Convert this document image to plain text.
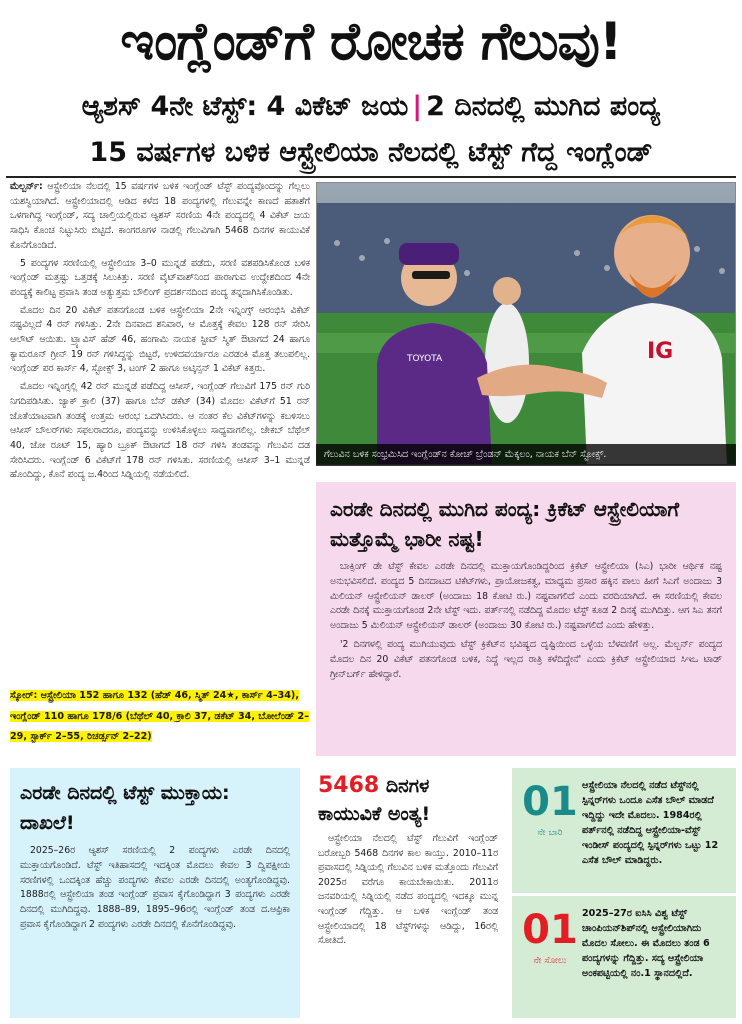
ಇಂಗ್ಲೆಂಡ್‌ಗೆ ರೋಚಕ ಗೆಲುವು!
ಆ್ಯಶಸ್ 4ನೇ ಟೆಸ್ಟ್: 4 ವಿಕೆಟ್ ಜಯ | 2 ದಿನದಲ್ಲಿ ಮುಗಿದ ಪಂದ್ಯ
15 ವರ್ಷಗಳ ಬಳಿಕ ಆಸ್ಟ್ರೇಲಿಯಾ ನೆಲದಲ್ಲಿ ಟೆಸ್ಟ್ ಗೆದ್ದ ಇಂಗ್ಲೆಂಡ್

ಮೆಲ್ಬರ್ನ್: ಆಸ್ಟ್ರೇಲಿಯಾ ನೆಲದಲ್ಲಿ 15 ವರ್ಷಗಳ ಬಳಿಕ ಇಂಗ್ಲೆಂಡ್ ಟೆಸ್ಟ್ ಪಂದ್ಯವೊಂದನ್ನು ಗೆಲ್ಲಲು ಯಶಸ್ವಿಯಾಗಿದೆ. ಆಸ್ಟ್ರೇಲಿಯಾದಲ್ಲಿ ಆಡಿದ ಕಳೆದ 18 ಪಂದ್ಯಗಳಲ್ಲಿ ಗೆಲುವನ್ನೇ ಕಾಣದೆ ಹತಾಶೆಗೆ ಒಳಗಾಗಿದ್ದ ಇಂಗ್ಲೆಂಡ್, ಸದ್ಯ ಚಾಲ್ತಿಯಲ್ಲಿರುವ ಆ್ಯಶಸ್ ಸರಣಿಯ 4ನೇ ಪಂದ್ಯದಲ್ಲಿ 4 ವಿಕೆಟ್ ಜಯ ಸಾಧಿಸಿ ಕೊಂಚ ನಿಟ್ಟುಸಿರು ಬಿಟ್ಟಿದೆ. ಕಾಂಗರೂಗಳ ನಾಡಲ್ಲಿ ಗೆಲುವಿಗಾಗಿ 5468 ದಿನಗಳ ಕಾಯುವಿಕೆ ಕೊನೆಗೊಂಡಿದೆ.

5 ಪಂದ್ಯಗಳ ಸರಣಿಯಲ್ಲಿ ಆಸ್ಟ್ರೇಲಿಯಾ 3–0 ಮುನ್ನಡೆ ಪಡೆದು, ಸರಣಿ ವಶಪಡಿಸಿಕೊಂಡ ಬಳಿಕ ಇಂಗ್ಲೆಂಡ್ ಮತ್ತಷ್ಟು ಒತ್ತಡಕ್ಕೆ ಸಿಲುಕಿತ್ತು. ಸರಣಿ ವೈಟ್‌ವಾಶ್‌ನಿಂದ ಪಾರಾಗುವ ಉದ್ದೇಶದಿಂದ 4ನೇ ಪಂದ್ಯಕ್ಕೆ ಕಾಲಿಟ್ಟ ಪ್ರವಾಸಿ ತಂಡ ಅತ್ಯುತ್ತಮ ಬೌಲಿಂಗ್ ಪ್ರದರ್ಶನದಿಂದ ಪಂದ್ಯ ತನ್ನದಾಗಿಸಿಕೊಂಡಿತು.

ಮೊದಲ ದಿನ 20 ವಿಕೆಟ್ ಪತನಗೊಂಡ ಬಳಿಕ ಆಸ್ಟ್ರೇಲಿಯಾ 2ನೇ ಇನ್ನಿಂಗ್ಸ್ ಆರಂಭಿಸಿ ವಿಕೆಟ್ ನಷ್ಟವಿಲ್ಲದೆ 4 ರನ್ ಗಳಿಸಿತ್ತು. 2ನೇ ದಿನವಾದ ಶನಿವಾರ, ಆ ಮೊತ್ತಕ್ಕೆ ಕೇವಲ 128 ರನ್ ಸೇರಿಸಿ ಆಲೌಟ್ ಆಯಿತು. ಟ್ರ್ಯಾವಿಸ್ ಹೆಡ್ 46, ಹಂಗಾಮಿ ನಾಯಕ ಸ್ಟೀವ್ ಸ್ಮಿತ್ ಔಟಾಗದೆ 24 ಹಾಗೂ ಕ್ಯಾಮರೂನ್ ಗ್ರೀನ್ 19 ರನ್ ಗಳಿಸಿದ್ದನ್ನು ಬಿಟ್ಟರೆ, ಉಳಿದವರ್ಯಾರೂ ಎರಡಂಕಿ ಮೊತ್ತ ತಲುಪಲಿಲ್ಲ. ಇಂಗ್ಲೆಂಡ್ ಪರ ಕಾರ್ಸ್ 4, ಸ್ಟೋಕ್ಸ್ 3, ಟಂಗ್ 2 ಹಾಗೂ ಅಟ್ಕಿನ್ಸನ್ 1 ವಿಕೆಟ್ ಕಿತ್ತರು.

ಮೊದಲ ಇನ್ನಿಂಗ್ಸಲ್ಲಿ 42 ರನ್ ಮುನ್ನಡೆ ಪಡೆದಿದ್ದ ಆಸೀಸ್, ಇಂಗ್ಲೆಂಡ್ ಗೆಲುವಿಗೆ 175 ರನ್ ಗುರಿ ನಿಗದಿಪಡಿಸಿತು. ಜ್ಯಾಕ್ ಕ್ರಾಲಿ (37) ಹಾಗೂ ಬೆನ್ ಡಕೆಟ್ (34) ಮೊದಲ ವಿಕೆಟ್‌ಗೆ 51 ರನ್ ಜೊತೆಯಾಟವಾಗಿ ತಂಡಕ್ಕೆ ಉತ್ತಮ ಆರಂಭ ಒದಗಿಸಿದರು. ಆ ನಂತರ ಕೆಲ ವಿಕೆಟ್‌ಗಳನ್ನು ಕಬಳಿಸಲು ಆಸೀಸ್ ಬೌಲರ್‌ಗಳು ಸಫಲರಾದರೂ, ಪಂದ್ಯವನ್ನು ಉಳಿಸಿಕೊಳ್ಳಲು ಸಾಧ್ಯವಾಗಲಿಲ್ಲ. ಜೇಕಬ್ ಬೆಥೆಲ್ 40, ಜೋ ರೂಟ್ 15, ಹ್ಯಾರಿ ಬ್ರೂಕ್ ಔಟಾಗದೆ 18 ರನ್ ಗಳಿಸಿ ತಂಡವನ್ನು ಗೆಲುವಿನ ದಡ ಸೇರಿಸಿದರು. ಇಂಗ್ಲೆಂಡ್ 6 ವಿಕೆಟ್‌ಗೆ 178 ರನ್ ಗಳಿಸಿತು. ಸರಣಿಯಲ್ಲಿ ಆಸೀಸ್ 3–1 ಮುನ್ನಡೆ ಹೊಂದಿದ್ದು, ಕೊನೆ ಪಂದ್ಯ ಜ.4ರಿಂದ ಸಿಡ್ನಿಯಲ್ಲಿ ನಡೆಯಲಿದೆ.

ಸ್ಕೋರ್: ಆಸ್ಟ್ರೇಲಿಯಾ 152 ಹಾಗೂ 132 (ಹೆಡ್ 46, ಸ್ಮಿತ್ 24★, ಕಾರ್ಸ್ 4–34), ಇಂಗ್ಲೆಂಡ್ 110 ಹಾಗೂ 178/6 (ಬೆಥೆಲ್ 40, ಕ್ರಾಲಿ 37, ಡಕೆಟ್ 34, ಬೋಲೆಂಡ್ 2–29, ಸ್ಟಾರ್ಕ್ 2–55, ರಿಚರ್ಡ್ಸನ್ 2–22)
TOYOTA	IG
ಗೆಲುವಿನ ಬಳಿಕ ಸಂಭ್ರಮಿಸಿದ ಇಂಗ್ಲೆಂಡ್‌ನ ಕೋಚ್ ಬ್ರೆಂಡನ್ ಮೆಕ್ಕಲಂ, ನಾಯಕ ಬೆನ್ ಸ್ಟೋಕ್ಸ್.
ಎರಡೇ ದಿನದಲ್ಲಿ ಮುಗಿದ ಪಂದ್ಯ: ಕ್ರಿಕೆಟ್ ಆಸ್ಟ್ರೇಲಿಯಾಗೆ ಮತ್ತೊಮ್ಮೆ ಭಾರೀ ನಷ್ಟ!

ಬಾಕ್ಸಿಂಗ್ ಡೇ ಟೆಸ್ಟ್ ಕೇವಲ ಎರಡೇ ದಿನದಲ್ಲಿ ಮುಕ್ತಾಯಗೊಂಡಿದ್ದರಿಂದ ಕ್ರಿಕೆಟ್ ಆಸ್ಟ್ರೇಲಿಯಾ (ಸಿಎ) ಭಾರೀ ಆರ್ಥಿಕ ನಷ್ಟ ಅನುಭವಿಸಲಿದೆ. ಪಂದ್ಯದ 5 ದಿನದಾಟದ ಟಿಕೆಟ್‌ಗಳು, ಪ್ರಾಯೋಜಕತ್ವ, ಮಾಧ್ಯಮ ಪ್ರಸಾರ ಹಕ್ಕಿನ ಪಾಲು ಹೀಗೆ ಸಿಎಗೆ ಅಂದಾಜು 3 ಮಿಲಿಯನ್ ಆಸ್ಟ್ರೇಲಿಯನ್ ಡಾಲರ್ (ಅಂದಾಜು 18 ಕೋಟಿ ರು.) ನಷ್ಟವಾಗಲಿದೆ ಎಂದು ವರದಿಯಾಗಿದೆ. ಈ ಸರಣಿಯಲ್ಲಿ ಕೇವಲ ಎರಡೇ ದಿನಕ್ಕೆ ಮುಕ್ತಾಯಗೊಂಡ 2ನೇ ಟೆಸ್ಟ್ ಇದು. ಪರ್ತ್‌ನಲ್ಲಿ ನಡೆದಿದ್ದ ಮೊದಲ ಟೆಸ್ಟ್ ಕೂಡ 2 ದಿನಕ್ಕೆ ಮುಗಿದಿತ್ತು. ಆಗ ಸಿಎ ತನಗೆ ಅಂದಾಜು 5 ಮಿಲಿಯನ್ ಆಸ್ಟ್ರೇಲಿಯನ್ ಡಾಲರ್ (ಅಂದಾಜು 30 ಕೋಟಿ ರು.) ನಷ್ಟವಾಗಲಿದೆ ಎಂದು ಹೇಳಿತ್ತು.

'2 ದಿನಗಳಲ್ಲಿ ಪಂದ್ಯ ಮುಗಿಯುವುದು ಟೆಸ್ಟ್ ಕ್ರಿಕೆಟ್‌ನ ಭವಿಷ್ಯದ ದೃಷ್ಟಿಯಿಂದ ಒಳ್ಳೆಯ ಬೆಳವಣಿಗೆ ಅಲ್ಲ. ಮೆಲ್ಬರ್ನ್ ಪಂದ್ಯದ ಮೊದಲ ದಿನ 20 ವಿಕೆಟ್ ಪತನಗೊಂಡ ಬಳಿಕ, ನಿದ್ದೆ ಇಲ್ಲದ ರಾತ್ರಿ ಕಳೆದಿದ್ದೇನೆ' ಎಂದು ಕ್ರಿಕೆಟ್ ಆಸ್ಟ್ರೇಲಿಯಾದ ಸಿಇಒ ಟಾಡ್ ಗ್ರೀನ್‌ಬರ್ಗ್ ಹೇಳಿದ್ದಾರೆ.

ಎರಡೇ ದಿನದಲ್ಲಿ ಟೆಸ್ಟ್ ಮುಕ್ತಾಯ: ದಾಖಲೆ!

2025–26ರ ಆ್ಯಶಸ್ ಸರಣಿಯಲ್ಲಿ 2 ಪಂದ್ಯಗಳು ಎರಡೇ ದಿನದಲ್ಲಿ ಮುಕ್ತಾಯಗೊಂಡಿದೆ. ಟೆಸ್ಟ್ ಇತಿಹಾಸದಲ್ಲಿ ಇದಕ್ಕಿಂತ ಮೊದಲು ಕೇವಲ 3 ದ್ವಿಪಕ್ಷೀಯ ಸರಣಿಗಳಲ್ಲಿ ಒಂದಕ್ಕಿಂತ ಹೆಚ್ಚು ಪಂದ್ಯಗಳು ಕೇವಲ ಎರಡೇ ದಿನದಲ್ಲಿ ಅಂತ್ಯಗೊಂಡಿದ್ದವು. 1888ರಲ್ಲಿ ಆಸ್ಟ್ರೇಲಿಯಾ ತಂಡ ಇಂಗ್ಲೆಂಡ್ ಪ್ರವಾಸ ಕೈಗೊಂಡಿದ್ದಾಗ 3 ಪಂದ್ಯಗಳು ಎರಡೇ ದಿನದಲ್ಲಿ ಮುಗಿದಿದ್ದವು. 1888–89, 1895–96ರಲ್ಲಿ ಇಂಗ್ಲೆಂಡ್ ತಂಡ ದ.ಆಫ್ರಿಕಾ ಪ್ರವಾಸ ಕೈಗೊಂಡಿದ್ದಾಗ 2 ಪಂದ್ಯಗಳು ಎರಡೇ ದಿನದಲ್ಲಿ ಕೊನೆಗೊಂಡಿದ್ದವು.

5468 ದಿನಗಳ ಕಾಯುವಿಕೆ ಅಂತ್ಯ!

ಆಸ್ಟ್ರೇಲಿಯಾ ನೆಲದಲ್ಲಿ ಟೆಸ್ಟ್ ಗೆಲುವಿಗೆ ಇಂಗ್ಲೆಂಡ್ ಬರೋಬ್ಬರಿ 5468 ದಿನಗಳ ಕಾಲ ಕಾಯ್ತು. 2010–11ರ ಪ್ರವಾಸದಲ್ಲಿ ಸಿಡ್ನಿಯಲ್ಲಿ ಗೆಲುವಿನ ಬಳಿಕ ಮತ್ತೊಂದು ಗೆಲುವಿಗೆ 2025ರ ವರೆಗೂ ಕಾಯಬೇಕಾಯಿತು. 2011ರ ಜನವರಿಯಲ್ಲಿ ಸಿಡ್ನಿಯಲ್ಲಿ ನಡೆದ ಪಂದ್ಯದಲ್ಲಿ ಇದಕ್ಕೂ ಮುನ್ನ ಇಂಗ್ಲೆಂಡ್ ಗೆದ್ದಿತ್ತು. ಆ ಬಳಿಕ ಇಂಗ್ಲೆಂಡ್ ತಂಡ ಆಸ್ಟ್ರೇಲಿಯಾದಲ್ಲಿ 18 ಟೆಸ್ಟ್‌ಗಳನ್ನು ಆಡಿದ್ದು, 16ರಲ್ಲಿ ಸೋತಿದೆ.

01
ನೇ ಬಾರಿ
ಆಸ್ಟ್ರೇಲಿಯಾ ನೆಲದಲ್ಲಿ ನಡೆದ ಟೆಸ್ಟ್‌ನಲ್ಲಿ ಸ್ಪಿನ್ನರ್‌ಗಳು ಒಂದೂ ಎಸೆತ ಬೌಲ್ ಮಾಡದೆ ಇದ್ದಿದ್ದು ಇದೇ ಮೊದಲು. 1984ರಲ್ಲಿ ಪರ್ತ್‌ನಲ್ಲಿ ನಡೆದಿದ್ದ ಆಸ್ಟ್ರೇಲಿಯಾ-ವೆಸ್ಟ್ ಇಂಡೀಸ್ ಪಂದ್ಯದಲ್ಲಿ ಸ್ಪಿನ್ನರ್‌ಗಳು ಒಟ್ಟು 12 ಎಸೆತ ಬೌಲ್ ಮಾಡಿದ್ದರು.
01
ನೇ ಸೋಲು
2025–27ರ ಐಸಿಸಿ ವಿಶ್ವ ಟೆಸ್ಟ್ ಚಾಂಪಿಯನ್‌ಶಿಪ್‌ನಲ್ಲಿ ಆಸ್ಟ್ರೇಲಿಯಾಗಿದು ಮೊದಲ ಸೋಲು. ಈ ಮೊದಲು ತಂಡ 6 ಪಂದ್ಯಗಳನ್ನು ಗೆದ್ದಿತ್ತು. ಸದ್ಯ ಆಸ್ಟ್ರೇಲಿಯಾ ಅಂಕಪಟ್ಟಿಯಲ್ಲಿ ನಂ.1 ಸ್ಥಾನದಲ್ಲಿದೆ.
